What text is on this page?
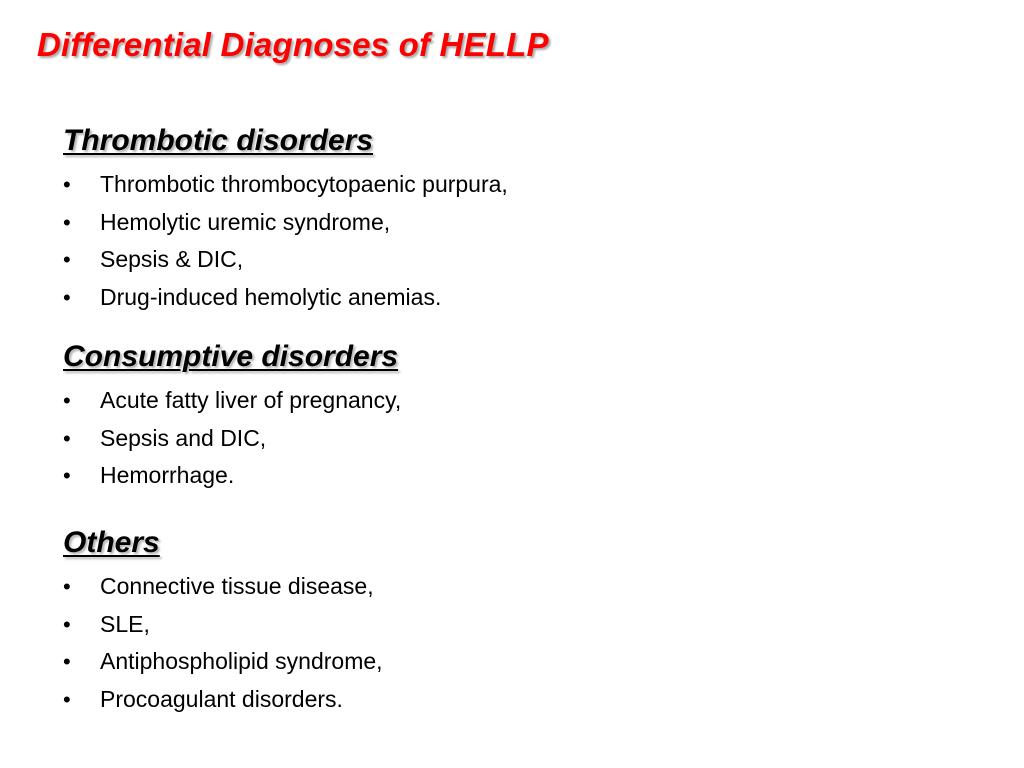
Differential Diagnoses of HELLP
Thrombotic disorders
• Thrombotic thrombocytopaenic purpura,
• Hemolytic uremic syndrome,
• Sepsis & DIC,
• Drug-induced hemolytic anemias.
Consumptive disorders
• Acute fatty liver of pregnancy,
• Sepsis and DIC,
• Hemorrhage.
Others
• Connective tissue disease,
• SLE,
• Antiphospholipid syndrome,
• Procoagulant disorders.
